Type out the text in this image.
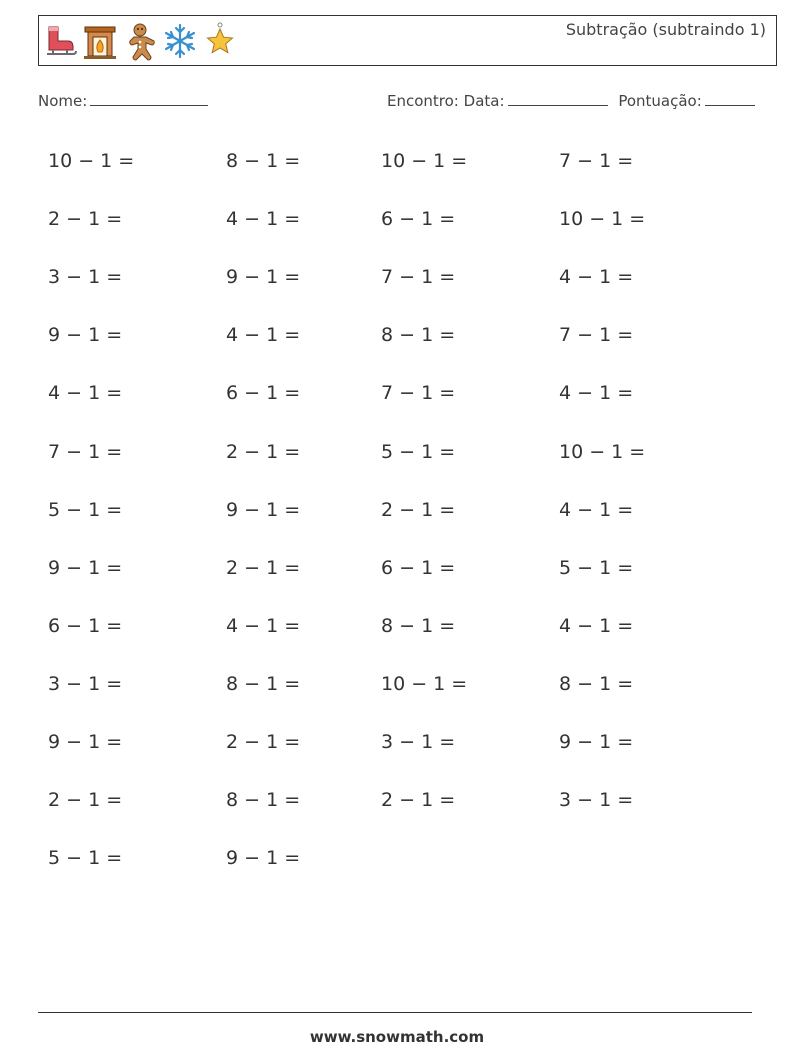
Subtração (subtraindo 1)
Nome:	Encontro: Data:	Pontuação:
10 − 1 =	8 − 1 =	10 − 1 =	7 − 1 =
2 − 1 =	4 − 1 =	6 − 1 =	10 − 1 =
3 − 1 =	9 − 1 =	7 − 1 =	4 − 1 =
9 − 1 =	4 − 1 =	8 − 1 =	7 − 1 =
4 − 1 =	6 − 1 =	7 − 1 =	4 − 1 =
7 − 1 =	2 − 1 =	5 − 1 =	10 − 1 =
5 − 1 =	9 − 1 =	2 − 1 =	4 − 1 =
9 − 1 =	2 − 1 =	6 − 1 =	5 − 1 =
6 − 1 =	4 − 1 =	8 − 1 =	4 − 1 =
3 − 1 =	8 − 1 =	10 − 1 =	8 − 1 =
9 − 1 =	2 − 1 =	3 − 1 =	9 − 1 =
2 − 1 =	8 − 1 =	2 − 1 =	3 − 1 =
5 − 1 =	9 − 1 =
www.snowmath.com
